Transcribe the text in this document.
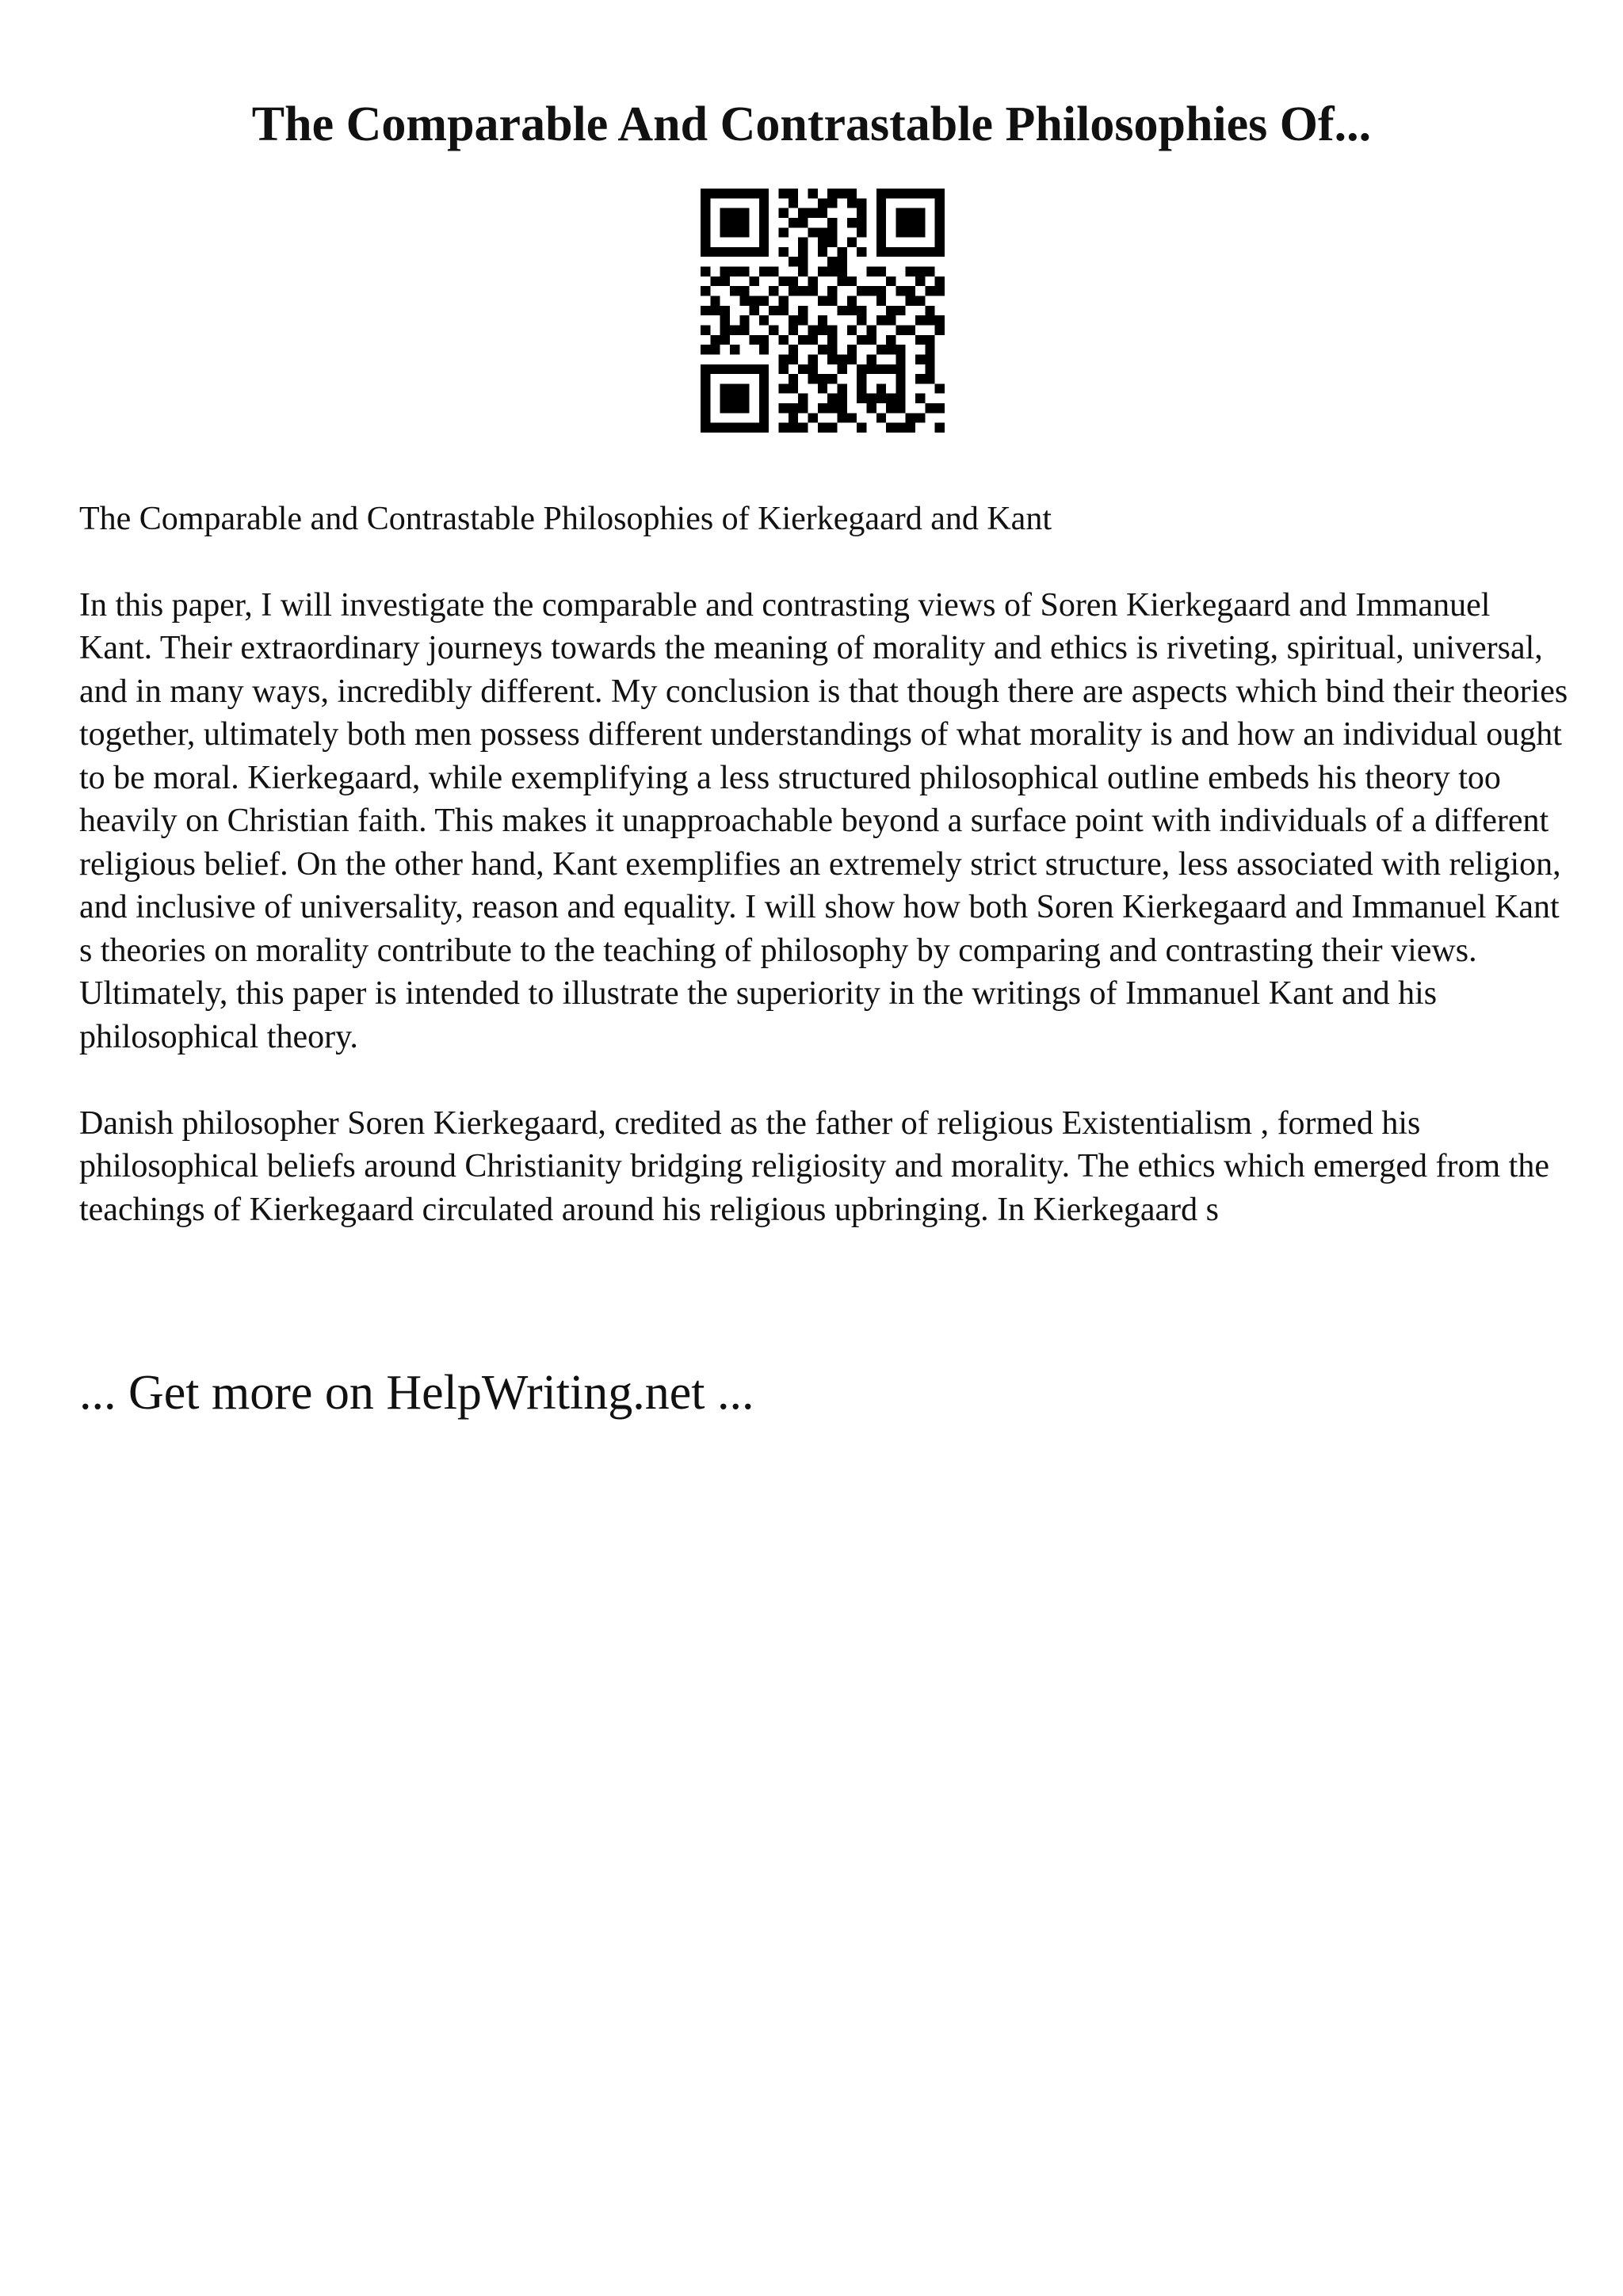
The Comparable And Contrastable Philosophies Of...

The Comparable and Contrastable Philosophies of Kierkegaard and Kant

In this paper, I will investigate the comparable and contrasting views of Soren Kierkegaard and Immanuel Kant. Their extraordinary journeys towards the meaning of morality and ethics is riveting, spiritual, universal, and in many ways, incredibly different. My conclusion is that though there are aspects which bind their theories together, ultimately both men possess different understandings of what morality is and how an individual ought to be moral. Kierkegaard, while exemplifying a less structured philosophical outline embeds his theory too heavily on Christian faith. This makes it unapproachable beyond a surface point with individuals of a different religious belief. On the other hand, Kant exemplifies an extremely strict structure, less associated with religion, and inclusive of universality, reason and equality. I will show how both Soren Kierkegaard and Immanuel Kant s theories on morality contribute to the teaching of philosophy by comparing and contrasting their views. Ultimately, this paper is intended to illustrate the superiority in the writings of Immanuel Kant and his philosophical theory.

Danish philosopher Soren Kierkegaard, credited as the father of religious Existentialism , formed his philosophical beliefs around Christianity bridging religiosity and morality. The ethics which emerged from the teachings of Kierkegaard circulated around his religious upbringing. In Kierkegaard s

... Get more on HelpWriting.net ...
